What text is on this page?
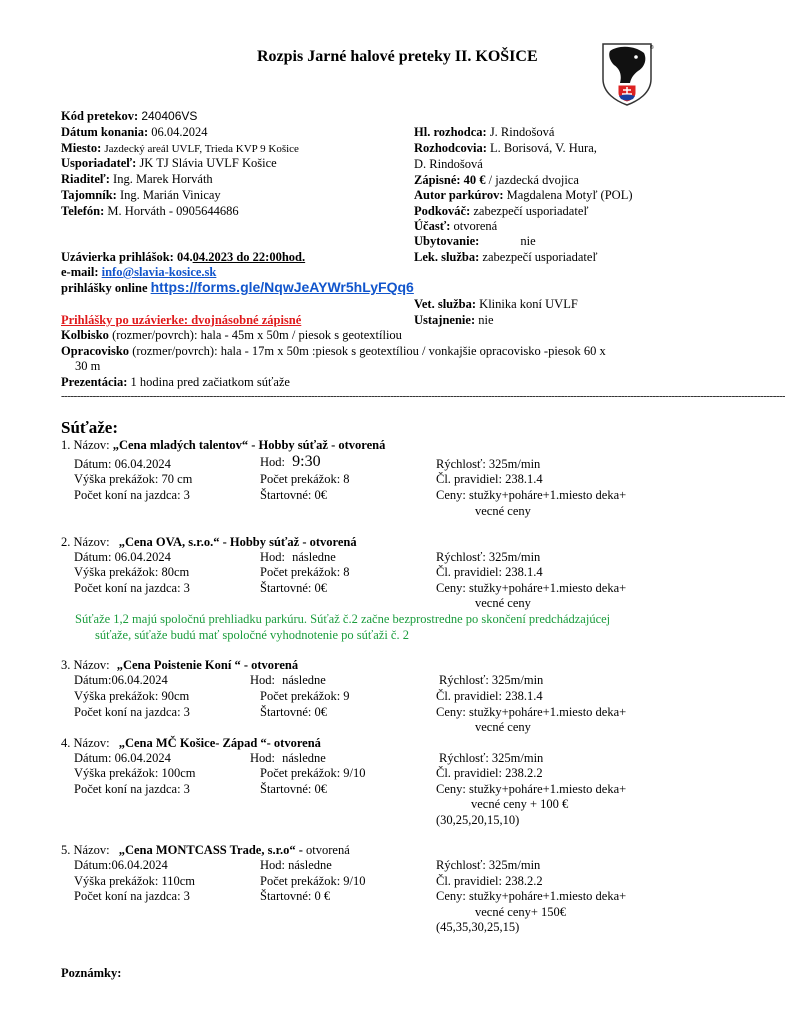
Rozpis Jarné halové preteky II. KOŠICE	®
Kód pretekov: 240406VS
Dátum konania: 06.04.2024
Miesto: Jazdecký areál UVLF, Trieda KVP 9 Košice
Usporiadateľ: JK TJ Slávia UVLF Košice
Riaditeľ: Ing. Marek Horváth
Tajomník: Ing. Marián Vinicay
Telefón: M. Horváth - 0905644686
Hl. rozhodca: J. Rindošová
Rozhodcovia: L. Borisová, V. Hura,
D. Rindošová
Zápisné: 40 € / jazdecká dvojica
Autor parkúrov: Magdalena Motyľ (POL)
Podkováč: zabezpečí usporiadateľ
Účasť: otvorená
Ubytovanie:	nie
Lek. služba: zabezpečí usporiadateľ
Uzávierka prihlášok: 04.04.2023 do 22:00hod.
e-mail: info@slavia-kosice.sk
prihlášky online https://forms.gle/NqwJeAYWr5hLyFQq6
Vet. služba: Klinika koní UVLF
Prihlášky po uzávierke: dvojnásobné zápisné	Ustajnenie: nie
Kolbisko (rozmer/povrch): hala - 45m x 50m / piesok s geotextíliou
Opracovisko (rozmer/povrch): hala - 17m x 50m :piesok s geotextíliou / vonkajšie opracovisko -piesok 60 x
30 m
Prezentácia: 1 hodina pred začiatkom súťaže
-------------------------------------------------------------------------------------------------------------------------------------------------------------------------------------------------------------------------------------
Súťaže:
1. Názov: „Cena mladých talentov“ - Hobby súťaž - otvorená
Dátum: 06.04.2024	Hod: 9:30	Rýchlosť: 325m/min
Výška prekážok: 70 cm	Počet prekážok: 8	Čl. pravidiel: 238.1.4
Počet koní na jazdca: 3	Štartovné: 0€	Ceny: stužky+poháre+1.miesto deka+
vecné ceny
2. Názov: „Cena OVA, s.r.o.“ - Hobby súťaž - otvorená
Dátum: 06.04.2024	Hod: následne	Rýchlosť: 325m/min
Výška prekážok: 80cm	Počet prekážok: 8	Čl. pravidiel: 238.1.4
Počet koní na jazdca: 3	Štartovné: 0€	Ceny: stužky+poháre+1.miesto deka+
vecné ceny
Súťaže 1,2 majú spoločnú prehliadku parkúru. Súťaž č.2 začne bezprostredne po skončení predchádzajúcej
súťaže, súťaže budú mať spoločné vyhodnotenie po súťaži č. 2
3. Názov: „Cena Poistenie Koní “ - otvorená
Dátum:06.04.2024	Hod: následne	Rýchlosť: 325m/min
Výška prekážok: 90cm	Počet prekážok: 9	Čl. pravidiel: 238.1.4
Počet koní na jazdca: 3	Štartovné: 0€	Ceny: stužky+poháre+1.miesto deka+
vecné ceny
4. Názov: „Cena MČ Košice- Západ “- otvorená
Dátum: 06.04.2024	Hod: následne	Rýchlosť: 325m/min
Výška prekážok: 100cm	Počet prekážok: 9/10	Čl. pravidiel: 238.2.2
Počet koní na jazdca: 3	Štartovné: 0€	Ceny: stužky+poháre+1.miesto deka+
vecné ceny + 100 €
(30,25,20,15,10)
5. Názov: „Cena MONTCASS Trade, s.r.o“ - otvorená
Dátum:06.04.2024	Hod: následne	Rýchlosť: 325m/min
Výška prekážok: 110cm	Počet prekážok: 9/10	Čl. pravidiel: 238.2.2
Počet koní na jazdca: 3	Štartovné: 0 €	Ceny: stužky+poháre+1.miesto deka+
vecné ceny+ 150€
(45,35,30,25,15)
Poznámky:
